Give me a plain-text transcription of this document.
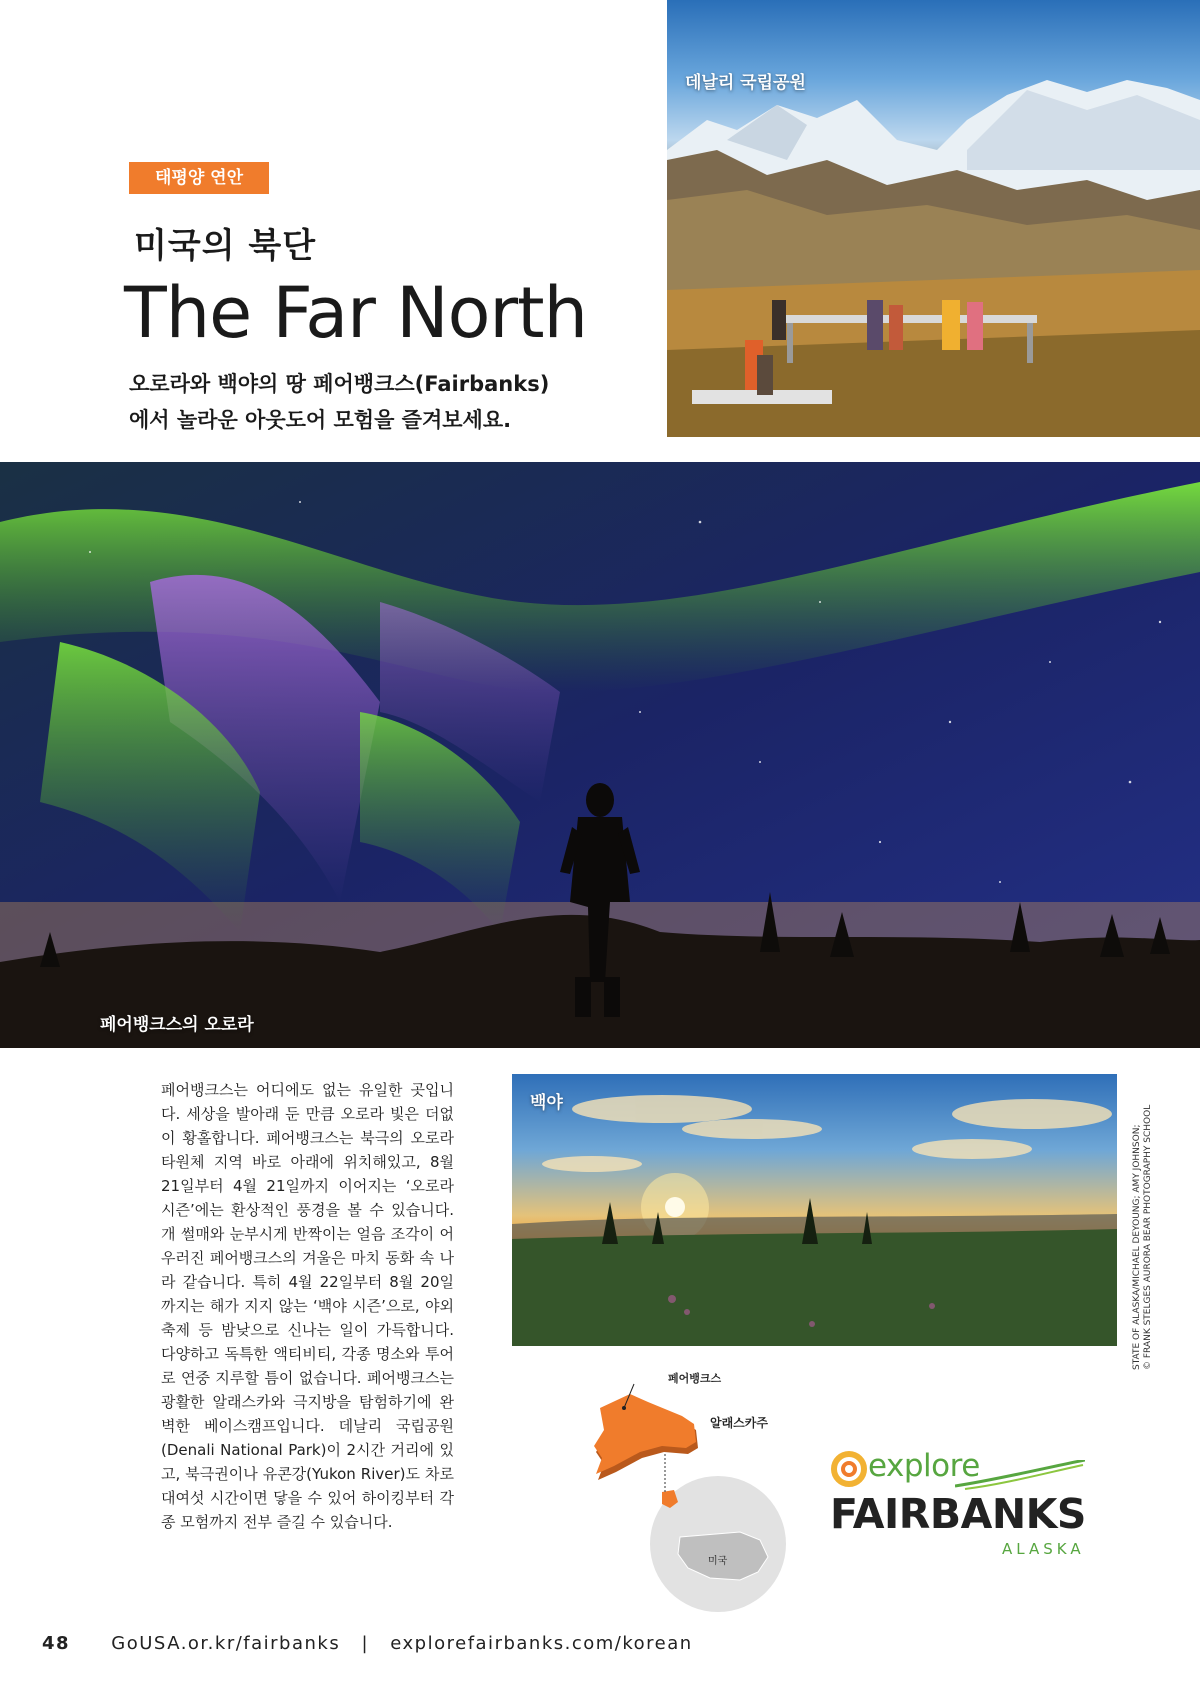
태평양 연안
미국의 북단
The Far North
오로라와 백야의 땅 페어뱅크스(Fairbanks)
에서 놀라운 아웃도어 모험을 즐겨보세요.
데날리 국립공원
페어뱅크스의 오로라
페어뱅크스는 어디에도 없는 유일한 곳입니다. 세상을 발아래 둔 만큼 오로라 빛은 더없이 황홀합니다. 페어뱅크스는 북극의 오로라 타원체 지역 바로 아래에 위치해있고, 8월 21일부터 4월 21일까지 이어지는 ‘오로라 시즌’에는 환상적인 풍경을 볼 수 있습니다. 개 썰매와 눈부시게 반짝이는 얼음 조각이 어우러진 페어뱅크스의 겨울은 마치 동화 속 나라 같습니다. 특히 4월 22일부터 8월 20일까지는 해가 지지 않는 ‘백야 시즌’으로, 야외 축제 등 밤낮으로 신나는 일이 가득합니다. 다양하고 독특한 액티비티, 각종 명소와 투어로 연중 지루할 틈이 없습니다. 페어뱅크스는 광활한 알래스카와 극지방을 탐험하기에 완벽한 베이스캠프입니다. 데날리 국립공원(Denali National Park)이 2시간 거리에 있고, 북극권이나 유콘강(Yukon River)도 차로 대여섯 시간이면 닿을 수 있어 하이킹부터 각종 모험까지 전부 즐길 수 있습니다.
백야
STATE OF ALASKA/MICHAEL DEYOUNG; AMY JOHNSON; © FRANK STELGES AURORA BEAR PHOTOGRAPHY SCHOOL
페어뱅크스
알래스카주
미국
explore
FAIRBANKS
ALASKA
48 GoUSA.or.kr/fairbanks | explorefairbanks.com/korean
